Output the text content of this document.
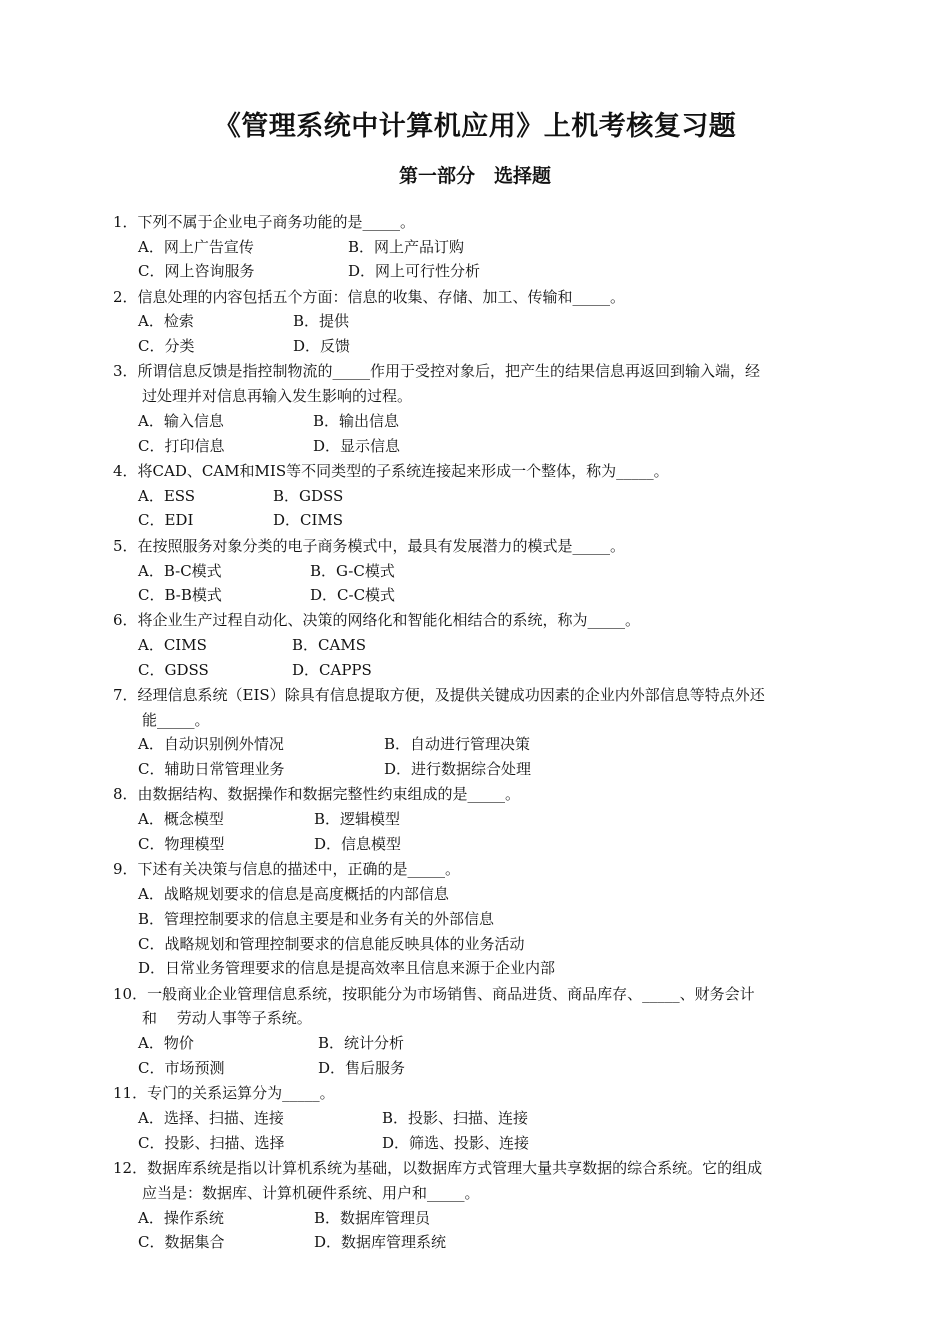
《管理系统中计算机应用》上机考核复习题
第一部分　选择题
1．下列不属于企业电子商务功能的是_____。
A．网上广告宣传	B．网上产品订购
C．网上咨询服务	D．网上可行性分析
2．信息处理的内容包括五个方面：信息的收集、存储、加工、传输和_____。
A．检索	B．提供
C．分类	D．反馈
3．所谓信息反馈是指控制物流的_____作用于受控对象后，把产生的结果信息再返回到输入端，经
过处理并对信息再输入发生影响的过程。
A．输入信息	B．输出信息
C．打印信息	D．显示信息
4．将CAD、CAM和MIS等不同类型的子系统连接起来形成一个整体，称为_____。
A．ESS	B．GDSS
C．EDI	D．CIMS
5．在按照服务对象分类的电子商务模式中，最具有发展潜力的模式是_____。
A．B-C模式	B．G-C模式
C．B-B模式	D．C-C模式
6．将企业生产过程自动化、决策的网络化和智能化相结合的系统，称为_____。
A．CIMS	B．CAMS
C．GDSS	D．CAPPS
7．经理信息系统（EIS）除具有信息提取方便，及提供关键成功因素的企业内外部信息等特点外还
能_____。
A．自动识别例外情况	B．自动进行管理决策
C．辅助日常管理业务	D．进行数据综合处理
8．由数据结构、数据操作和数据完整性约束组成的是_____。
A．概念模型	B．逻辑模型
C．物理模型	D．信息模型
9．下述有关决策与信息的描述中，正确的是_____。
A．战略规划要求的信息是高度概括的内部信息
B．管理控制要求的信息主要是和业务有关的外部信息
C．战略规划和管理控制要求的信息能反映具体的业务活动
D．日常业务管理要求的信息是提高效率且信息来源于企业内部
10．一般商业企业管理信息系统，按职能分为市场销售、商品进货、商品库存、_____、财务会计
和　 劳动人事等子系统。
A．物价	B．统计分析
C．市场预测	D．售后服务
11．专门的关系运算分为_____。
A．选择、扫描、连接	B．投影、扫描、连接
C．投影、扫描、选择	D．筛选、投影、连接
12．数据库系统是指以计算机系统为基础，以数据库方式管理大量共享数据的综合系统。它的组成
应当是：数据库、计算机硬件系统、用户和_____。
A．操作系统	B．数据库管理员
C．数据集合	D．数据库管理系统
